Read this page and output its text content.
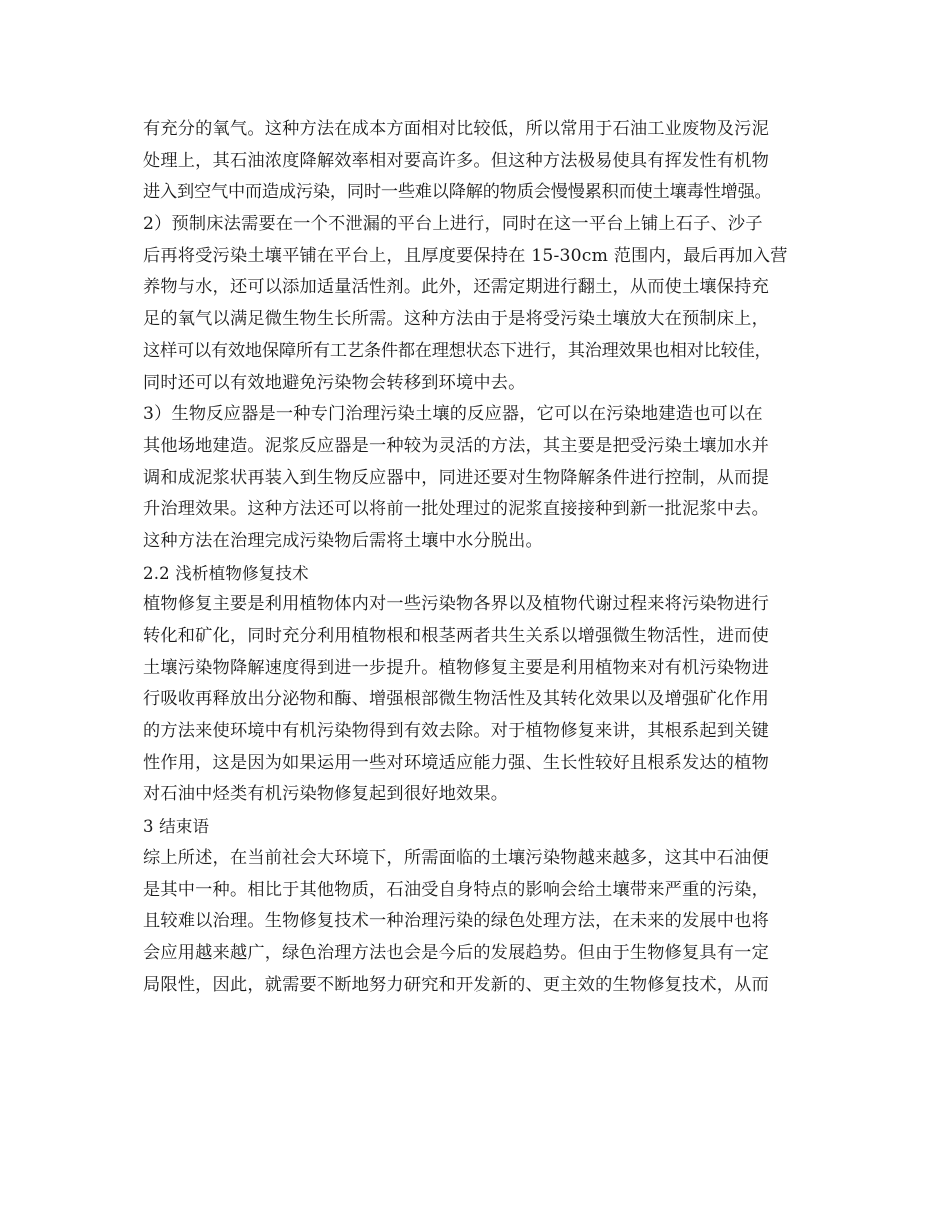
有充分的氧气。这种方法在成本方面相对比较低，所以常用于石油工业废物及污泥
处理上，其石油浓度降解效率相对要高许多。但这种方法极易使具有挥发性有机物
进入到空气中而造成污染，同时一些难以降解的物质会慢慢累积而使土壤毒性增强。
2）预制床法需要在一个不泄漏的平台上进行，同时在这一平台上铺上石子、沙子
后再将受污染土壤平铺在平台上，且厚度要保持在 15-30cm 范围内，最后再加入营
养物与水，还可以添加适量活性剂。此外，还需定期进行翻土，从而使土壤保持充
足的氧气以满足微生物生长所需。这种方法由于是将受污染土壤放大在预制床上，
这样可以有效地保障所有工艺条件都在理想状态下进行，其治理效果也相对比较佳，
同时还可以有效地避免污染物会转移到环境中去。
3）生物反应器是一种专门治理污染土壤的反应器，它可以在污染地建造也可以在
其他场地建造。泥浆反应器是一种较为灵活的方法，其主要是把受污染土壤加水并
调和成泥浆状再装入到生物反应器中，同进还要对生物降解条件进行控制，从而提
升治理效果。这种方法还可以将前一批处理过的泥浆直接接种到新一批泥浆中去。
这种方法在治理完成污染物后需将土壤中水分脱出。
2.2 浅析植物修复技术
植物修复主要是利用植物体内对一些污染物各界以及植物代谢过程来将污染物进行
转化和矿化，同时充分利用植物根和根茎两者共生关系以增强微生物活性，进而使
土壤污染物降解速度得到进一步提升。植物修复主要是利用植物来对有机污染物进
行吸收再释放出分泌物和酶、增强根部微生物活性及其转化效果以及增强矿化作用
的方法来使环境中有机污染物得到有效去除。对于植物修复来讲，其根系起到关键
性作用，这是因为如果运用一些对环境适应能力强、生长性较好且根系发达的植物
对石油中烃类有机污染物修复起到很好地效果。
3 结束语
综上所述，在当前社会大环境下，所需面临的土壤污染物越来越多，这其中石油便
是其中一种。相比于其他物质，石油受自身特点的影响会给土壤带来严重的污染，
且较难以治理。生物修复技术一种治理污染的绿色处理方法，在未来的发展中也将
会应用越来越广，绿色治理方法也会是今后的发展趋势。但由于生物修复具有一定
局限性，因此，就需要不断地努力研究和开发新的、更主效的生物修复技术，从而
